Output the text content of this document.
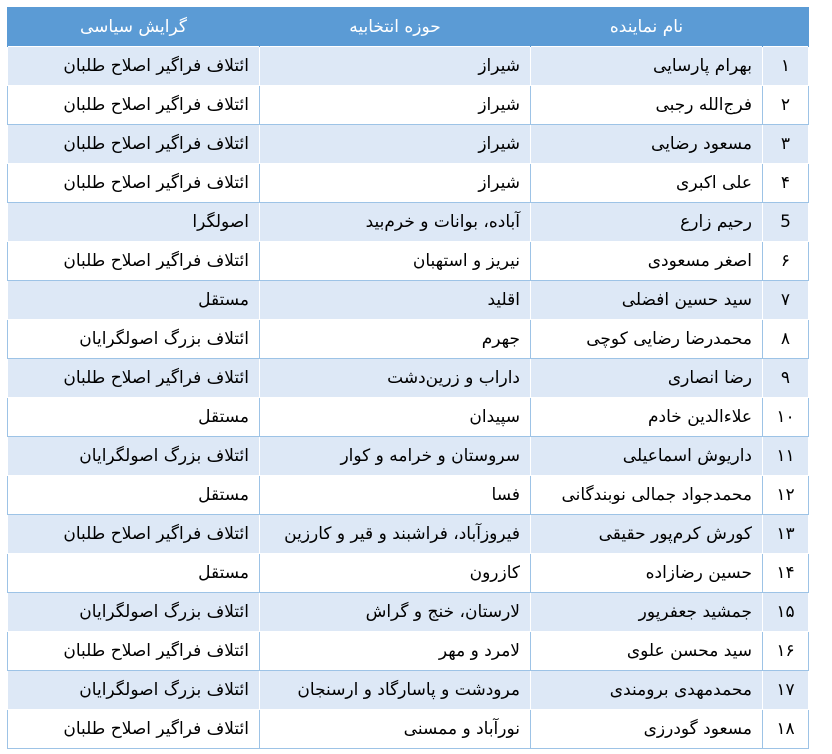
	نام نماینده	حوزه انتخابیه	گرایش سیاسی
۱	بهرام پارسایی	شیراز	ائتلاف فراگیر اصلاح طلبان
۲	فرج‌الله رجبی	شیراز	ائتلاف فراگیر اصلاح طلبان
۳	مسعود رضایی	شیراز	ائتلاف فراگیر اصلاح طلبان
۴	علی اکبری	شیراز	ائتلاف فراگیر اصلاح طلبان
5	رحیم زارع	آباده، بوانات و خرم‌بید	اصولگرا
۶	اصغر مسعودی	نیریز و استهبان	ائتلاف فراگیر اصلاح طلبان
۷	سید حسین افضلی	اقلید	مستقل
۸	محمدرضا رضایی کوچی	جهرم	ائتلاف بزرگ اصولگرایان
۹	رضا انصاری	داراب و زرین‌دشت	ائتلاف فراگیر اصلاح طلبان
۱۰	علاءالدین خادم	سپیدان	مستقل
۱۱	داریوش اسماعیلی	سروستان و خرامه و کوار	ائتلاف بزرگ اصولگرایان
۱۲	محمدجواد جمالی نوبندگانی	فسا	مستقل
۱۳	کورش کرم‌پور حقیقی	فیروزآباد، فراشبند و قیر و کارزین	ائتلاف فراگیر اصلاح طلبان
۱۴	حسین رضازاده	کازرون	مستقل
۱۵	جمشید جعفرپور	لارستان، خنج و گراش	ائتلاف بزرگ اصولگرایان
۱۶	سید محسن علوی	لامرد و مهر	ائتلاف فراگیر اصلاح طلبان
۱۷	محمدمهدی برومندی	مرودشت و پاسارگاد و ارسنجان	ائتلاف بزرگ اصولگرایان
۱۸	مسعود گودرزی	نورآباد و ممسنی	ائتلاف فراگیر اصلاح طلبان
